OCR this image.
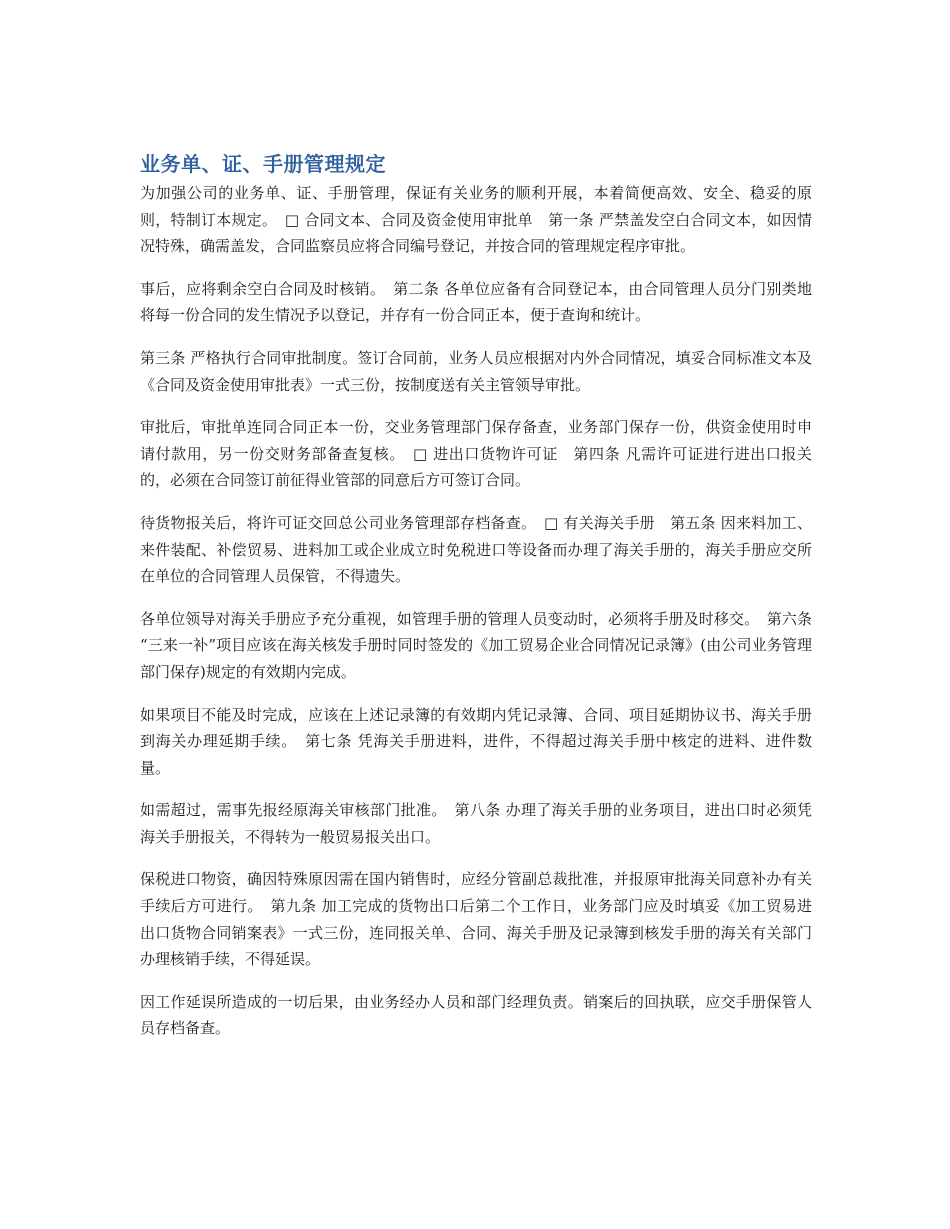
业务单、证、手册管理规定

为加强公司的业务单、证、手册管理，保证有关业务的顺利开展，本着简便高效、安全、稳妥的原则，特制订本规定。　□ 合同文本、合同及资金使用审批单　第一条 严禁盖发空白合同文本，如因情况特殊，确需盖发，合同监察员应将合同编号登记，并按合同的管理规定程序审批。

事后，应将剩余空白合同及时核销。　第二条 各单位应备有合同登记本，由合同管理人员分门别类地将每一份合同的发生情况予以登记，并存有一份合同正本，便于查询和统计。

第三条 严格执行合同审批制度。签订合同前，业务人员应根据对内外合同情况，填妥合同标准文本及《合同及资金使用审批表》一式三份，按制度送有关主管领导审批。

审批后，审批单连同合同正本一份，交业务管理部门保存备查，业务部门保存一份，供资金使用时申请付款用，另一份交财务部备查复核。　□ 进出口货物许可证　第四条 凡需许可证进行进出口报关的，必须在合同签订前征得业管部的同意后方可签订合同。

待货物报关后，将许可证交回总公司业务管理部存档备查。　□ 有关海关手册　第五条 因来料加工、来件装配、补偿贸易、进料加工或企业成立时免税进口等设备而办理了海关手册的，海关手册应交所在单位的合同管理人员保管，不得遗失。

各单位领导对海关手册应予充分重视，如管理手册的管理人员变动时，必须将手册及时移交。　第六条 “三来一补”项目应该在海关核发手册时同时签发的《加工贸易企业合同情况记录簿》(由公司业务管理部门保存)规定的有效期内完成。

如果项目不能及时完成，应该在上述记录簿的有效期内凭记录簿、合同、项目延期协议书、海关手册到海关办理延期手续。　第七条 凭海关手册进料，进件，不得超过海关手册中核定的进料、进件数量。

如需超过，需事先报经原海关审核部门批准。　第八条 办理了海关手册的业务项目，进出口时必须凭海关手册报关，不得转为一般贸易报关出口。

保税进口物资，确因特殊原因需在国内销售时，应经分管副总裁批准，并报原审批海关同意补办有关手续后方可进行。　第九条 加工完成的货物出口后第二个工作日，业务部门应及时填妥《加工贸易进出口货物合同销案表》一式三份，连同报关单、合同、海关手册及记录簿到核发手册的海关有关部门办理核销手续，不得延误。

因工作延误所造成的一切后果，由业务经办人员和部门经理负责。销案后的回执联，应交手册保管人员存档备查。
